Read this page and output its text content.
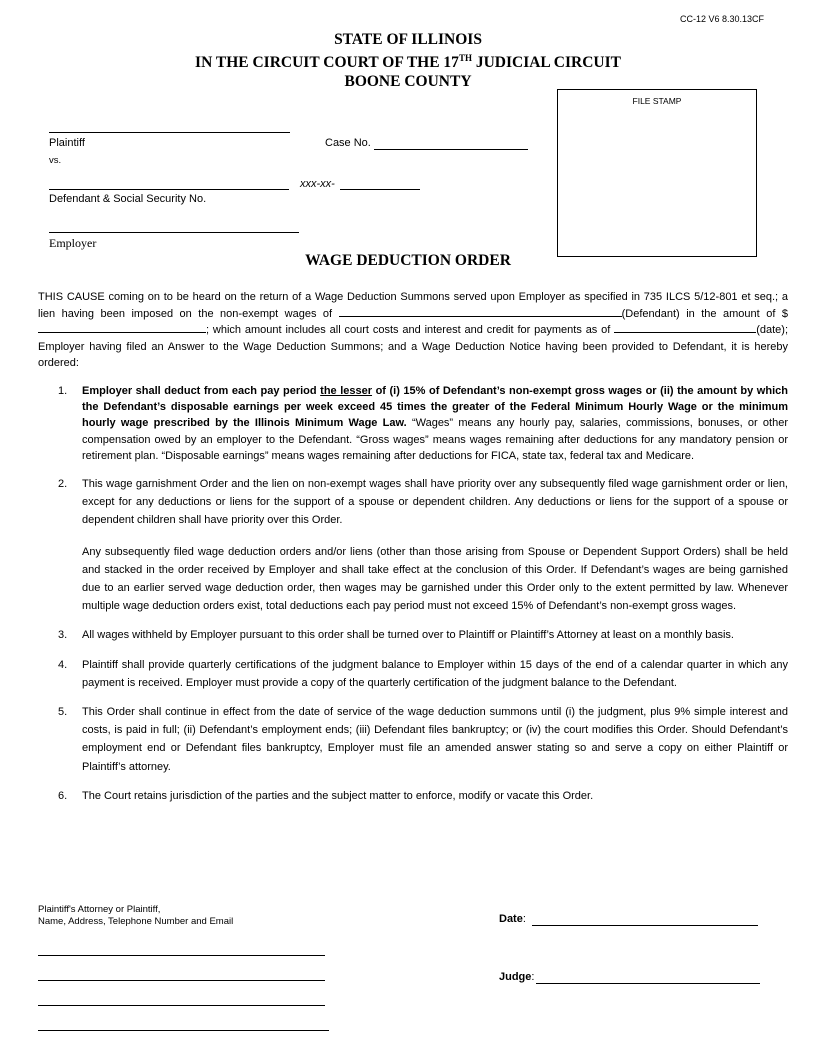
CC-12 V6 8.30.13CF
STATE OF ILLINOIS
IN THE CIRCUIT COURT OF THE 17TH JUDICIAL CIRCUIT
BOONE COUNTY
FILE STAMP
Plaintiff
vs.
Case No.
xxx-xx-
Defendant & Social Security No.
Employer
WAGE DEDUCTION ORDER
THIS CAUSE coming on to be heard on the return of a Wage Deduction Summons served upon Employer as specified in 735 ILCS 5/12-801 et seq.; a lien having been imposed on the non-exempt wages of	(Defendant) in the amount of $; which amount includes all court costs and interest and credit for payments as of	(date); Employer having filed an Answer to the Wage Deduction Summons; and a Wage Deduction Notice having been provided to Defendant, it is hereby ordered:
1. Employer shall deduct from each pay period the lesser of (i) 15% of Defendant’s non-exempt gross wages or (ii) the amount by which the Defendant’s disposable earnings per week exceed 45 times the greater of the Federal Minimum Hourly Wage or the minimum hourly wage prescribed by the Illinois Minimum Wage Law. “Wages” means any hourly pay, salaries, commissions, bonuses, or other compensation owed by an employer to the Defendant. “Gross wages” means wages remaining after deductions for any mandatory pension or retirement plan. “Disposable earnings” means wages remaining after deductions for FICA, state tax, federal tax and Medicare.
2. This wage garnishment Order and the lien on non-exempt wages shall have priority over any subsequently filed wage garnishment order or lien, except for any deductions or liens for the support of a spouse or dependent children. Any deductions or liens for the support of a spouse or dependent children shall have priority over this Order.
Any subsequently filed wage deduction orders and/or liens (other than those arising from Spouse or Dependent Support Orders) shall be held and stacked in the order received by Employer and shall take effect at the conclusion of this Order. If Defendant’s wages are being garnished due to an earlier served wage deduction order, then wages may be garnished under this Order only to the extent permitted by law. Whenever multiple wage deduction orders exist, total deductions each pay period must not exceed 15% of Defendant’s non-exempt gross wages.
3. All wages withheld by Employer pursuant to this order shall be turned over to Plaintiff or Plaintiff’s Attorney at least on a monthly basis.
4. Plaintiff shall provide quarterly certifications of the judgment balance to Employer within 15 days of the end of a calendar quarter in which any payment is received. Employer must provide a copy of the quarterly certification of the judgment balance to the Defendant.
5. This Order shall continue in effect from the date of service of the wage deduction summons until (i) the judgment, plus 9% simple interest and costs, is paid in full; (ii) Defendant’s employment ends; (iii) Defendant files bankruptcy; or (iv) the court modifies this Order. Should Defendant’s employment end or Defendant files bankruptcy, Employer must file an amended answer stating so and serve a copy on either Plaintiff or Plaintiff’s attorney.
6. The Court retains jurisdiction of the parties and the subject matter to enforce, modify or vacate this Order.
Plaintiff's Attorney or Plaintiff,
Name, Address, Telephone Number and Email	Date:
Judge:
